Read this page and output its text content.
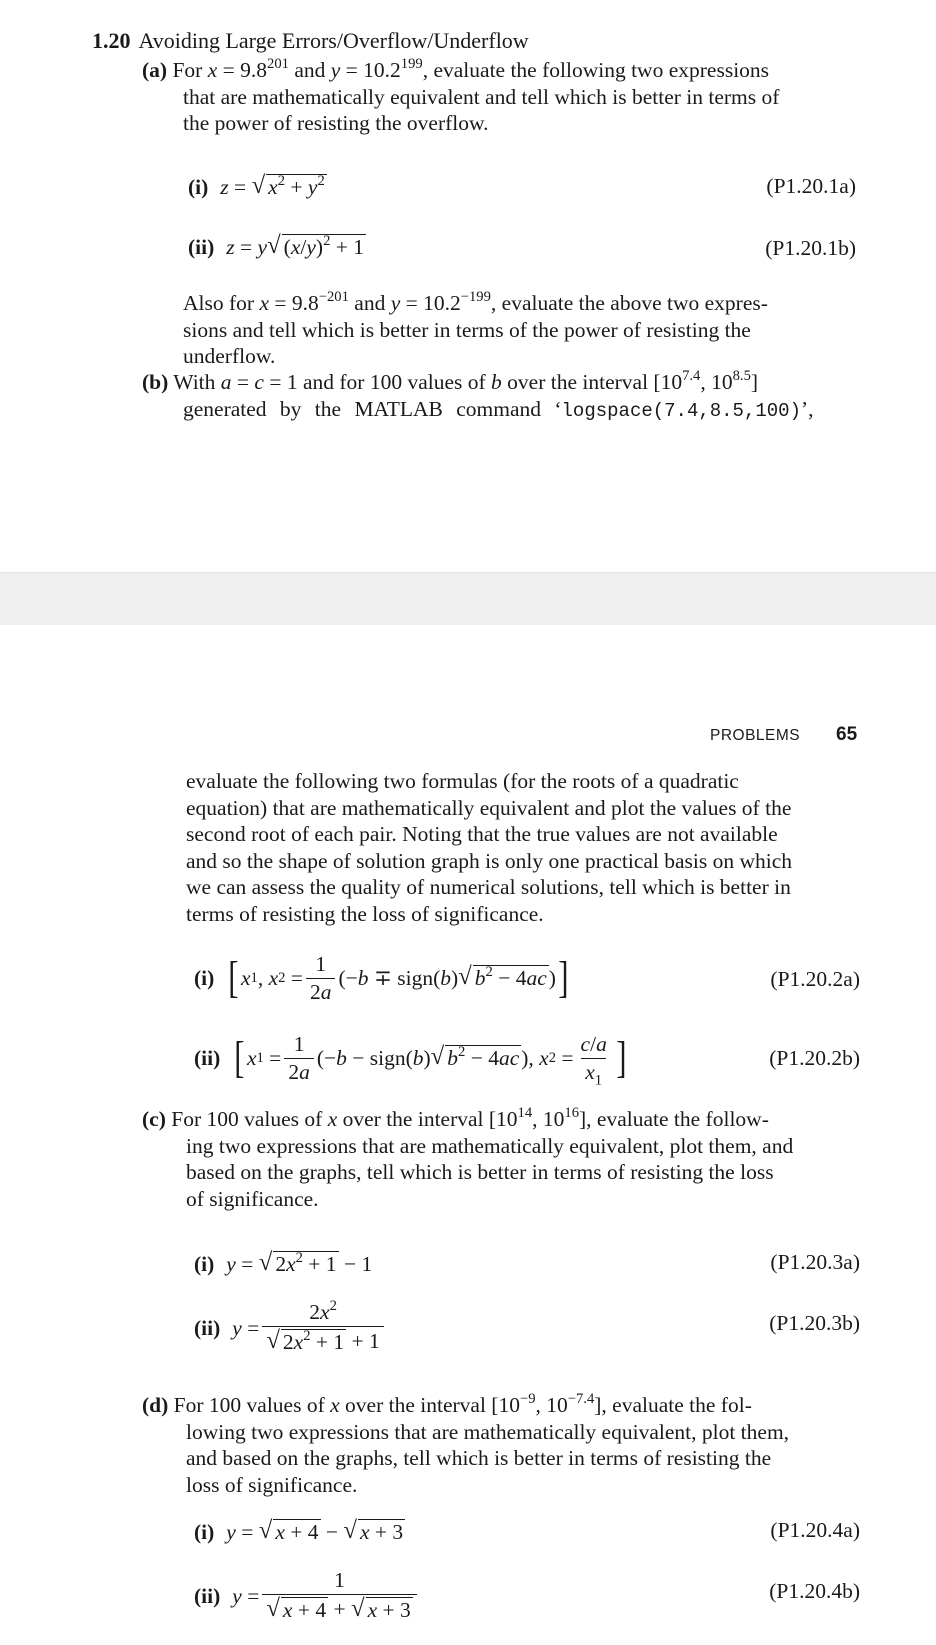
1.20 Avoiding Large Errors/Overflow/Underflow
(a) For $x = 9.8^{201}$ and $y = 10.2^{199}$, evaluate the following two expressions
that are mathematically equivalent and tell which is better in terms of
the power of resisting the overflow.
(i) z = √ $x^2 + y^2$	(P1.20.1a)
(ii) z = y √ $(x/y)^2 + 1$	(P1.20.1b)
Also for $x = 9.8^{-201}$ and $y = 10.2^{-199}$, evaluate the above two expres-
sions and tell which is better in terms of the power of resisting the
underflow.
(b) With a = c = 1 and for 100 values of b over the interval [$10^{7.4}$, $10^{8.5}$]
generated by the MATLAB command ‘logspace(7.4,8.5,100)’,
PROBLEMS 65
evaluate the following two formulas (for the roots of a quadratic
equation) that are mathematically equivalent and plot the values of the
second root of each pair. Noting that the true values are not available
and so the shape of solution graph is only one practical basis on which
we can assess the quality of numerical solutions, tell which is better in
terms of resisting the loss of significance.
(i) [ x 1 , x $2 = \frac{1}{2a}$ (− b ∓ sign( b ) √ $b^2 - 4ac$ ) ]	(P1.20.2a)
(ii) [ x $1 = \frac{1}{2a}$ (− b − sign( b ) √ $b^2 - 4ac$ ), x $2 = \frac{c/a}{x_1}$ ]	(P1.20.2b)
(c) For 100 values of x over the interval [$10^{14}$, $10^{16}$], evaluate the follow-
ing two expressions that are mathematically equivalent, plot them, and
based on the graphs, tell which is better in terms of resisting the loss
of significance.
(i) y = √ $2x^2 + 1 - 1$	(P1.20.3a)
(ii) $y = \frac{2x^2}{√ 2x^2 + 1 + 1}$	(P1.20.3b)
(d) For 100 values of x over the interval [$10^{-9}$, $10^{-7.4}$], evaluate the fol-
lowing two expressions that are mathematically equivalent, plot them,
and based on the graphs, tell which is better in terms of resisting the
loss of significance.
(i) y = √ x + 4 − √ x + 3	(P1.20.4a)
(ii) $y = \frac{1}{√ x + 4 + √ x + 3}$	(P1.20.4b)
